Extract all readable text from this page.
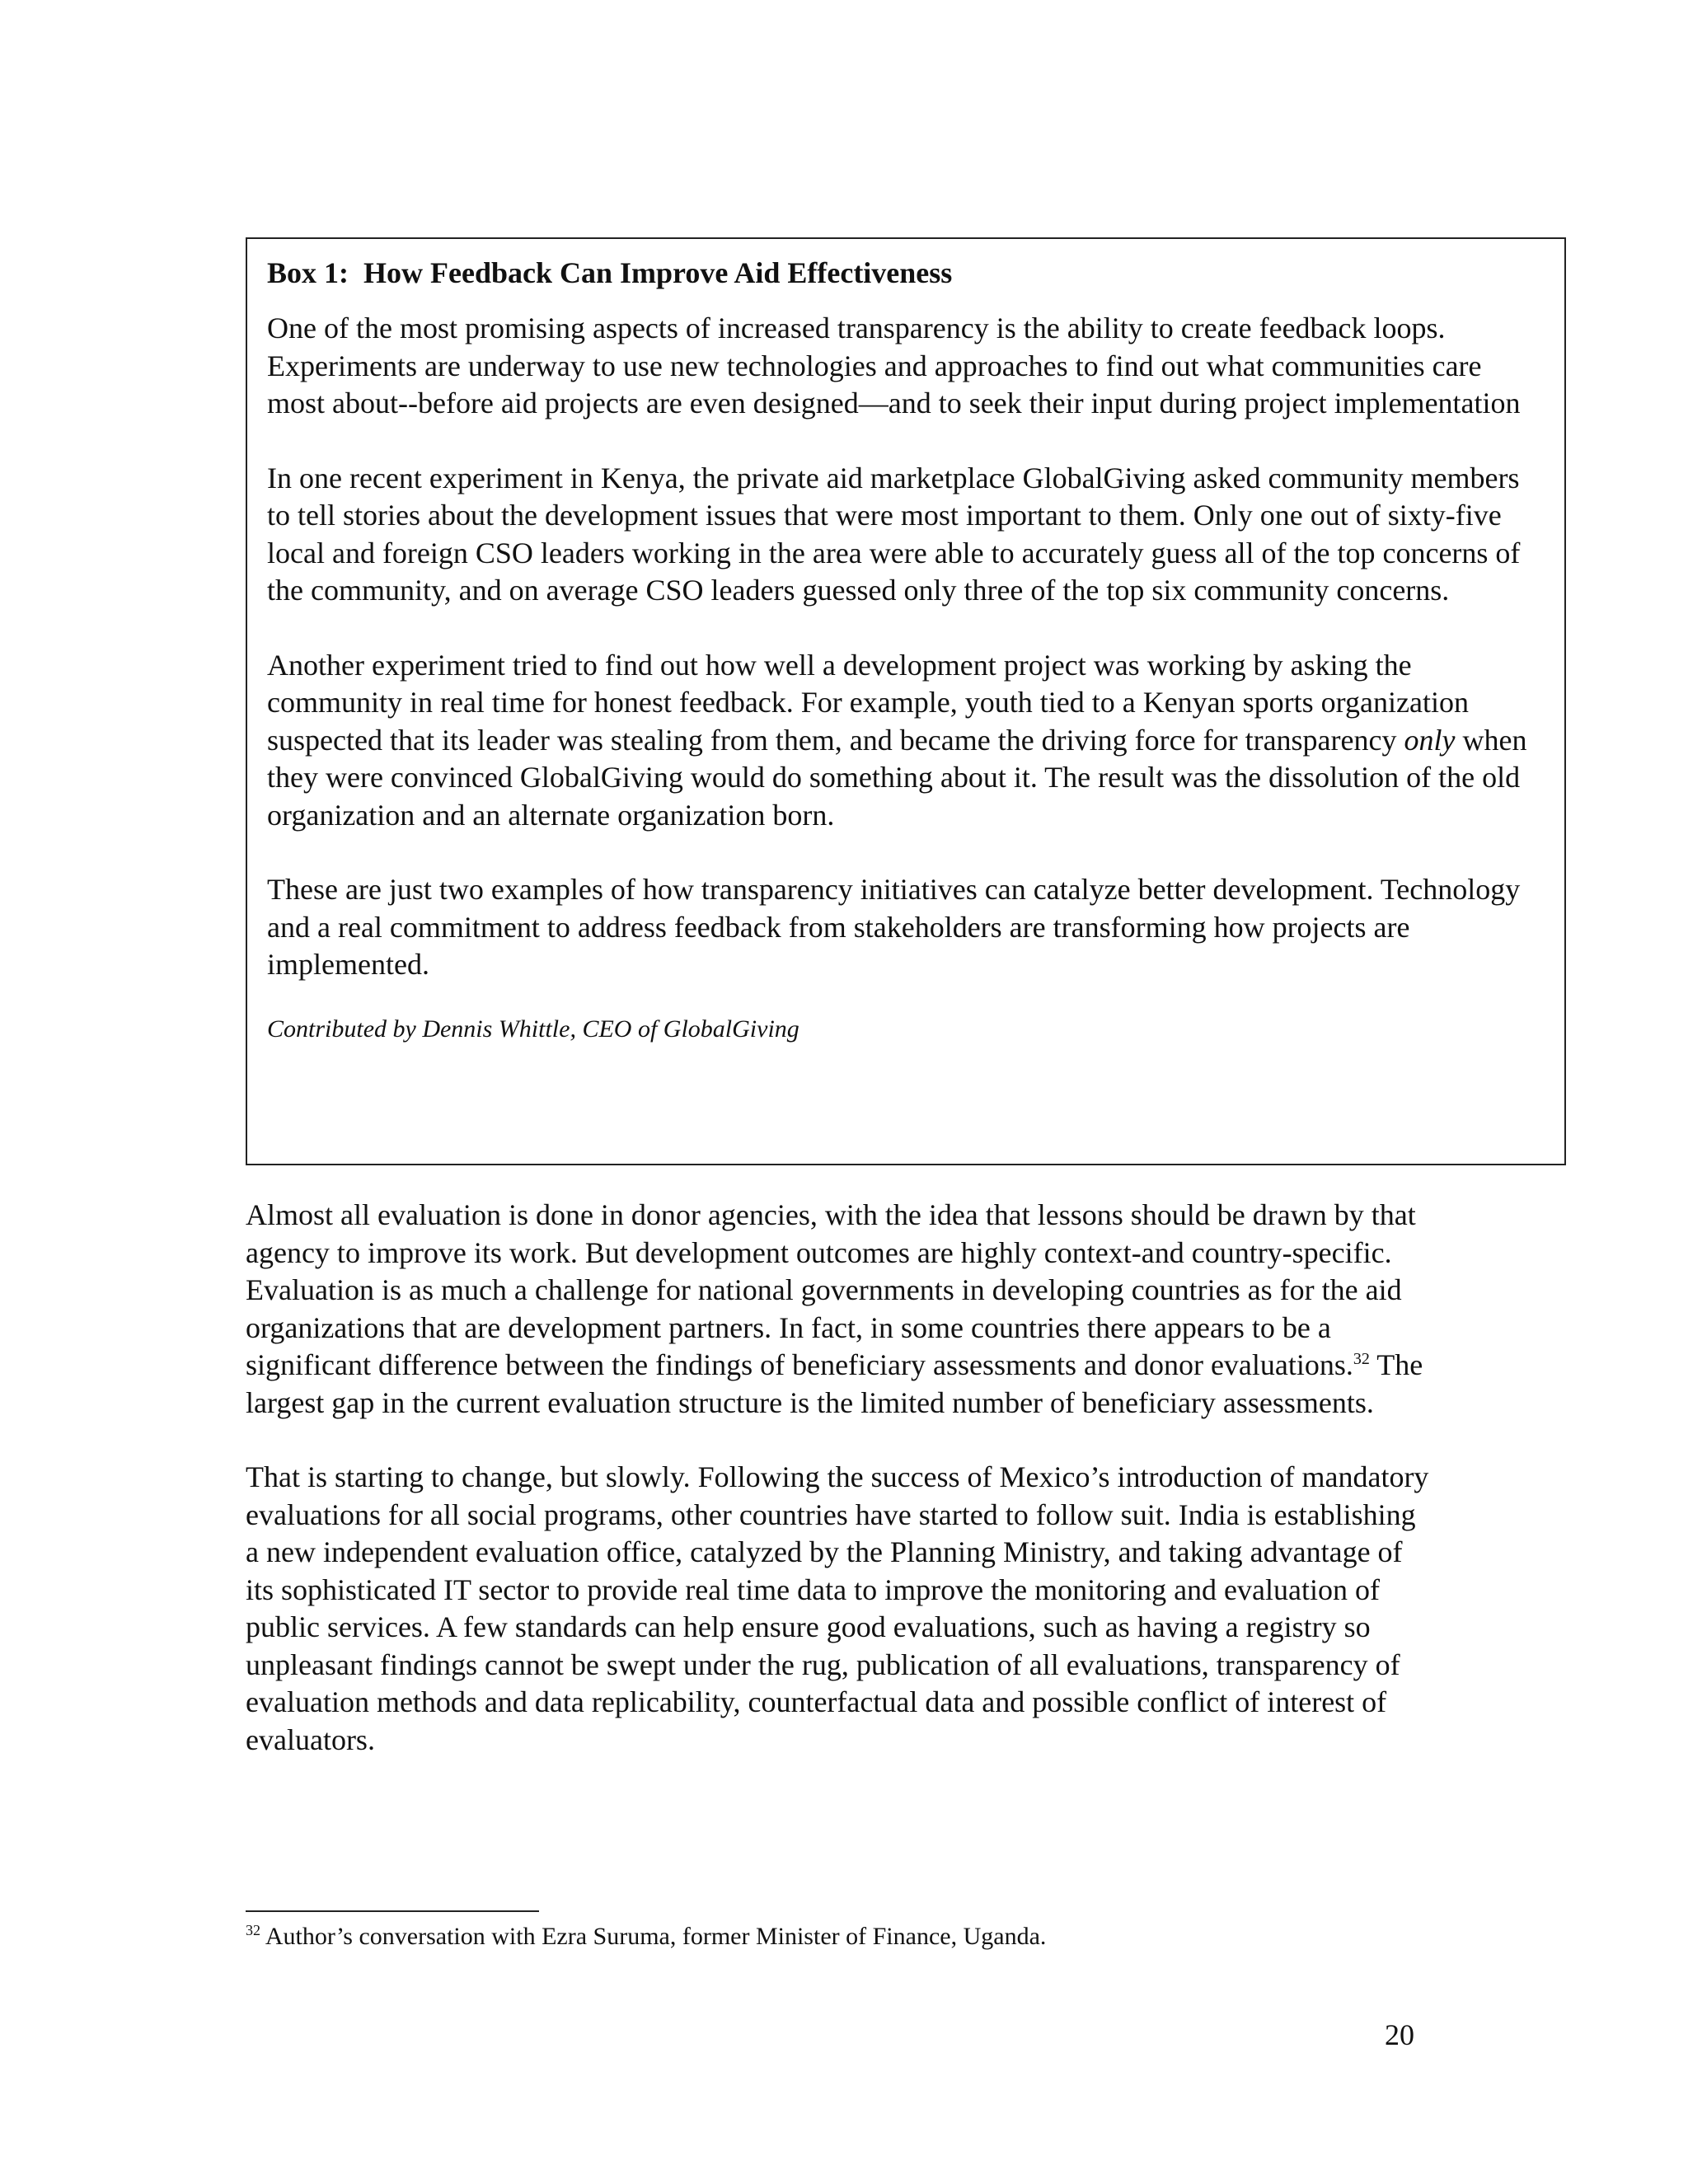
Box 1:  How Feedback Can Improve Aid Effectiveness

One of the most promising aspects of increased transparency is the ability to create feedback loops. Experiments are underway to use new technologies and approaches to find out what communities care most about--before aid projects are even designed—and to seek their input during project implementation

In one recent experiment in Kenya, the private aid marketplace GlobalGiving asked community members to tell stories about the development issues that were most important to them. Only one out of sixty-five local and foreign CSO leaders working in the area were able to accurately guess all of the top concerns of the community, and on average CSO leaders guessed only three of the top six community concerns.

Another experiment tried to find out how well a development project was working by asking the community in real time for honest feedback. For example, youth tied to a Kenyan sports organization suspected that its leader was stealing from them, and became the driving force for transparency only when they were convinced GlobalGiving would do something about it. The result was the dissolution of the old organization and an alternate organization born.

These are just two examples of how transparency initiatives can catalyze better development. Technology and a real commitment to address feedback from stakeholders are transforming how projects are implemented.

Contributed by Dennis Whittle, CEO of GlobalGiving

Almost all evaluation is done in donor agencies, with the idea that lessons should be drawn by that agency to improve its work. But development outcomes are highly context-and country-specific. Evaluation is as much a challenge for national governments in developing countries as for the aid organizations that are development partners. In fact, in some countries there appears to be a significant difference between the findings of beneficiary assessments and donor evaluations.$^{32}$ The largest gap in the current evaluation structure is the limited number of beneficiary assessments.

That is starting to change, but slowly. Following the success of Mexico’s introduction of mandatory evaluations for all social programs, other countries have started to follow suit. India is establishing a new independent evaluation office, catalyzed by the Planning Ministry, and taking advantage of its sophisticated IT sector to provide real time data to improve the monitoring and evaluation of public services. A few standards can help ensure good evaluations, such as having a registry so unpleasant findings cannot be swept under the rug, publication of all evaluations, transparency of evaluation methods and data replicability, counterfactual data and possible conflict of interest of evaluators.

$^{32}$ Author’s conversation with Ezra Suruma, former Minister of Finance, Uganda.
20
